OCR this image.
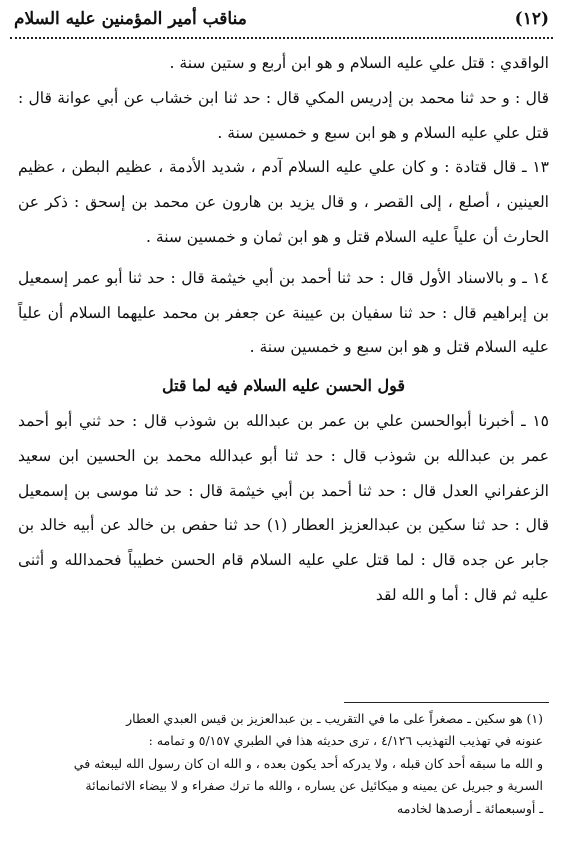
(١٢)
مناقب أمير المؤمنين عليه السلام

الواقدي : قتل علي عليه السلام و هو ابن أربع و ستين سنة .

قال : و حد ثنا محمد بن إدريس المكي قال : حد ثنا ابن خشاب عن أبي عوانة قال : قتل علي عليه السلام و هو ابن سبع و خمسين سنة .

١٣ ـ قال قتادة : و كان علي عليه السلام آدم ، شديد الأدمة ، عظيم البطن ، عظيم العينين ، أصلع ، إلى القصر ، و قال يزيد بن هارون عن محمد بن إسحق : ذكر عن الحارث أن علياً عليه السلام قتل و هو ابن ثمان و خمسين سنة .

١٤ ـ و بالاسناد الأول قال : حد ثنا أحمد بن أبي خيثمة قال : حد ثنا أبو عمر إسمعيل بن إبراهيم قال : حد ثنا سفيان بن عيينة عن جعفر بن محمد عليهما السلام أن علياً عليه السلام قتل و هو ابن سبع و خمسين سنة .

قول الحسن عليه السلام فيه لما قتل

١٥ ـ أخبرنا أبوالحسن علي بن عمر بن عبدالله بن شوذب قال : حد ثني أبو أحمد عمر بن عبدالله بن شوذب قال : حد ثنا أبو عبدالله محمد بن الحسين ابن سعيد الزعفراني العدل قال : حد ثنا أحمد بن أبي خيثمة قال : حد ثنا موسى بن إسمعيل قال : حد ثنا سكين بن عبدالعزيز العطار (١) حد ثنا حفص بن خالد عن أبيه خالد بن جابر عن جده قال : لما قتل علي عليه السلام قام الحسن خطيباً فحمدالله و أثنى عليه ثم قال : أما و الله لقد

(١) هو سكين ـ مصغراً على ما في التقريب ـ بن عبدالعزيز بن قيس العبدي العطار

عنونه في تهذيب التهذيب ٤/١٢٦ ، ترى حديثه هذا في الطبري ٥/١٥٧ و تمامه :

و الله ما سبقه أحد كان قبله ، ولا يدركه أحد يكون بعده ، و الله ان كان رسول الله ليبعثه في

السرية و جبريل عن يمينه و ميكائيل عن يساره ، والله ما ترك صفراء و لا بيضاء الاثمانمائة

ـ أوسبعمائة ـ أرصدها لخادمه
